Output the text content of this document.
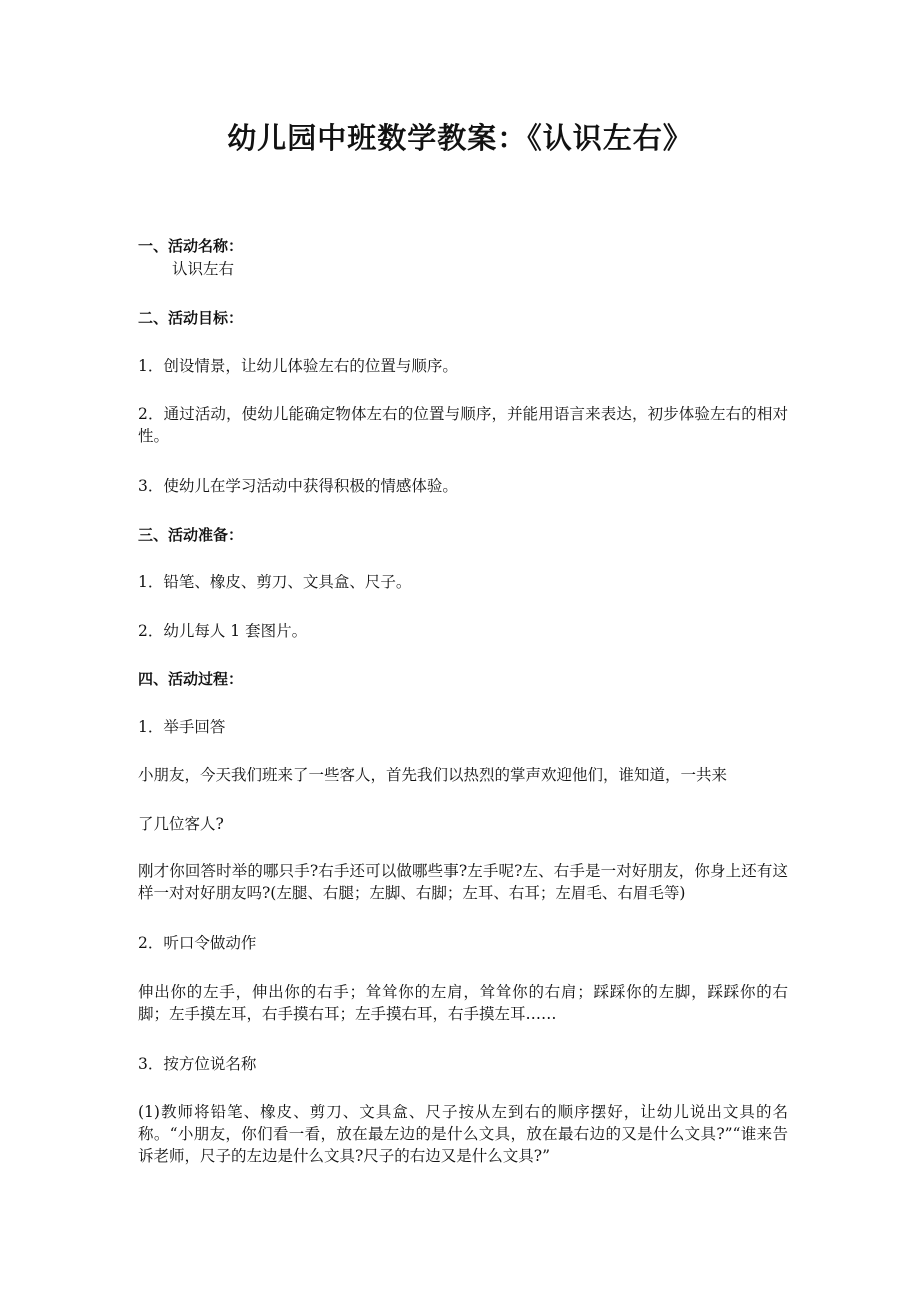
幼儿园中班数学教案：《认识左右》
一、活动名称：
认识左右
二、活动目标：
1．创设情景，让幼儿体验左右的位置与顺序。
2．通过活动，使幼儿能确定物体左右的位置与顺序，并能用语言来表达，初步体验左右的相对性。
3．使幼儿在学习活动中获得积极的情感体验。
三、活动准备：
1．铅笔、橡皮、剪刀、文具盒、尺子。
2．幼儿每人 1 套图片。
四、活动过程：
1．举手回答
小朋友，今天我们班来了一些客人，首先我们以热烈的掌声欢迎他们，谁知道，一共来
了几位客人?
刚才你回答时举的哪只手?右手还可以做哪些事?左手呢?左、右手是一对好朋友，你身上还有这样一对对好朋友吗?(左腿、右腿；左脚、右脚；左耳、右耳；左眉毛、右眉毛等)
2．听口令做动作
伸出你的左手，伸出你的右手；耸耸你的左肩，耸耸你的右肩；踩踩你的左脚，踩踩你的右脚；左手摸左耳，右手摸右耳；左手摸右耳，右手摸左耳……
3．按方位说名称
(1)教师将铅笔、橡皮、剪刀、文具盒、尺子按从左到右的顺序摆好，让幼儿说出文具的名称。“小朋友，你们看一看，放在最左边的是什么文具，放在最右边的又是什么文具?”“谁来告诉老师，尺子的左边是什么文具?尺子的右边又是什么文具?”
